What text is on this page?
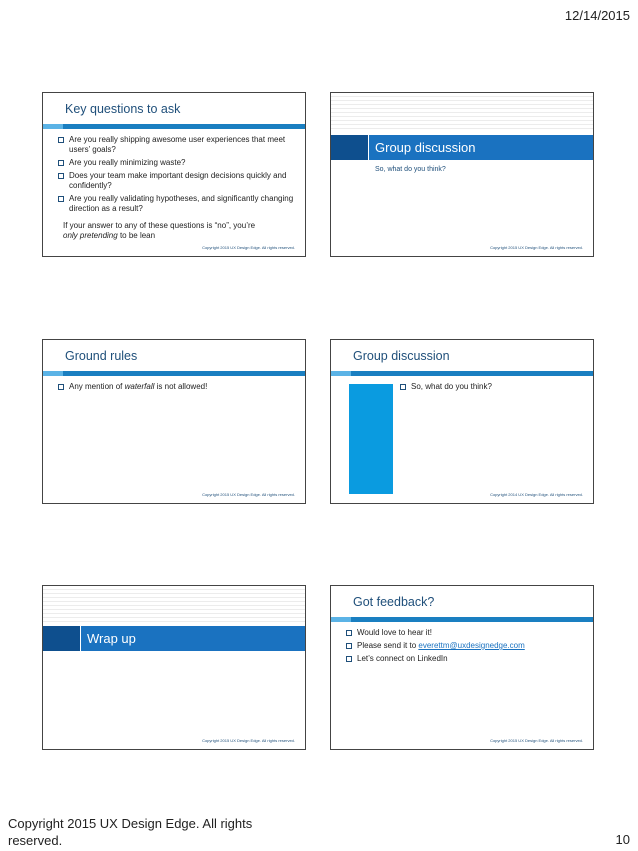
12/14/2015
Key questions to ask
Are you really shipping awesome user experiences that meet users’ goals?
Are you really minimizing waste?
Does your team make important design decisions quickly and confidently?
Are you really validating hypotheses, and significantly changing direction as a result?
If your answer to any of these questions is “no”, you’re
only pretending to be lean
Copyright 2015 UX Design Edge. All rights reserved.
Group discussion
So, what do you think?
Copyright 2015 UX Design Edge. All rights reserved.
Ground rules
Any mention of waterfall is not allowed!
Copyright 2015 UX Design Edge. All rights reserved.
Group discussion
So, what do you think?
Copyright 2014 UX Design Edge. All rights reserved.
Wrap up
Copyright 2015 UX Design Edge. All rights reserved.
Got feedback?
Would love to hear it!
Please send it to everettm@uxdesignedge.com
Let’s connect on LinkedIn
Copyright 2015 UX Design Edge. All rights reserved.
Copyright 2015 UX Design Edge. All rights reserved.	10
